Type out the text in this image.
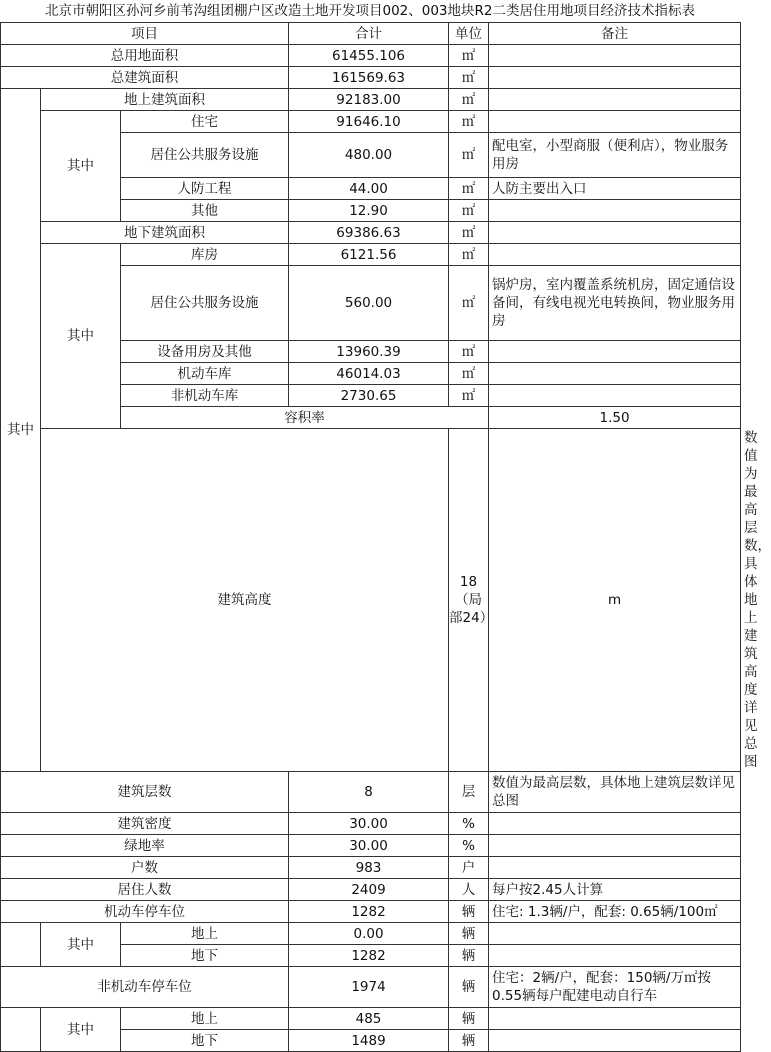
北京市朝阳区孙河乡前苇沟组团棚户区改造土地开发项目002、003地块R2二类居住用地项目经济技术指标表
项目			合计	单位	备注	
总用地面积			61455.106	㎡		
总建筑面积			161569.63	㎡		
其中	地上建筑面积		92183.00	㎡		
	其中	住宅	91646.10	㎡		
		居住公共服务设施	480.00	㎡	配电室，小型商服（便利店），物业服务用房	
		人防工程	44.00	㎡	人防主要出入口	
		其他	12.90	㎡		
	地下建筑面积		69386.63	㎡		
	其中	库房	6121.56	㎡		
		居住公共服务设施	560.00	㎡	锅炉房，室内覆盖系统机房，固定通信设备间，有线电视光电转换间，物业服务用房	
		设备用房及其他	13960.39	㎡		
		机动车库	46014.03	㎡		
		非机动车库	2730.65	㎡		
		容积率			1.50		
	建筑高度			18（局部24）	m	数值为最高层数，具体地上建筑高度详见总图
建筑层数			8	层	数值为最高层数，具体地上建筑层数详见总图	
建筑密度			30.00	%		
绿地率			30.00	%		
户数			983	户		
居住人数			2409	人	每户按2.45人计算	
机动车停车位			1282	辆	住宅: 1.3辆/户，配套: 0.65辆/100㎡	
	其中	地上	0.00	辆		
		地下	1282	辆		
非机动车停车位			1974	辆	住宅：2辆/户，配套：150辆/万㎡按0.55辆每户配建电动自行车	
	其中	地上	485	辆		
		地下	1489	辆		
